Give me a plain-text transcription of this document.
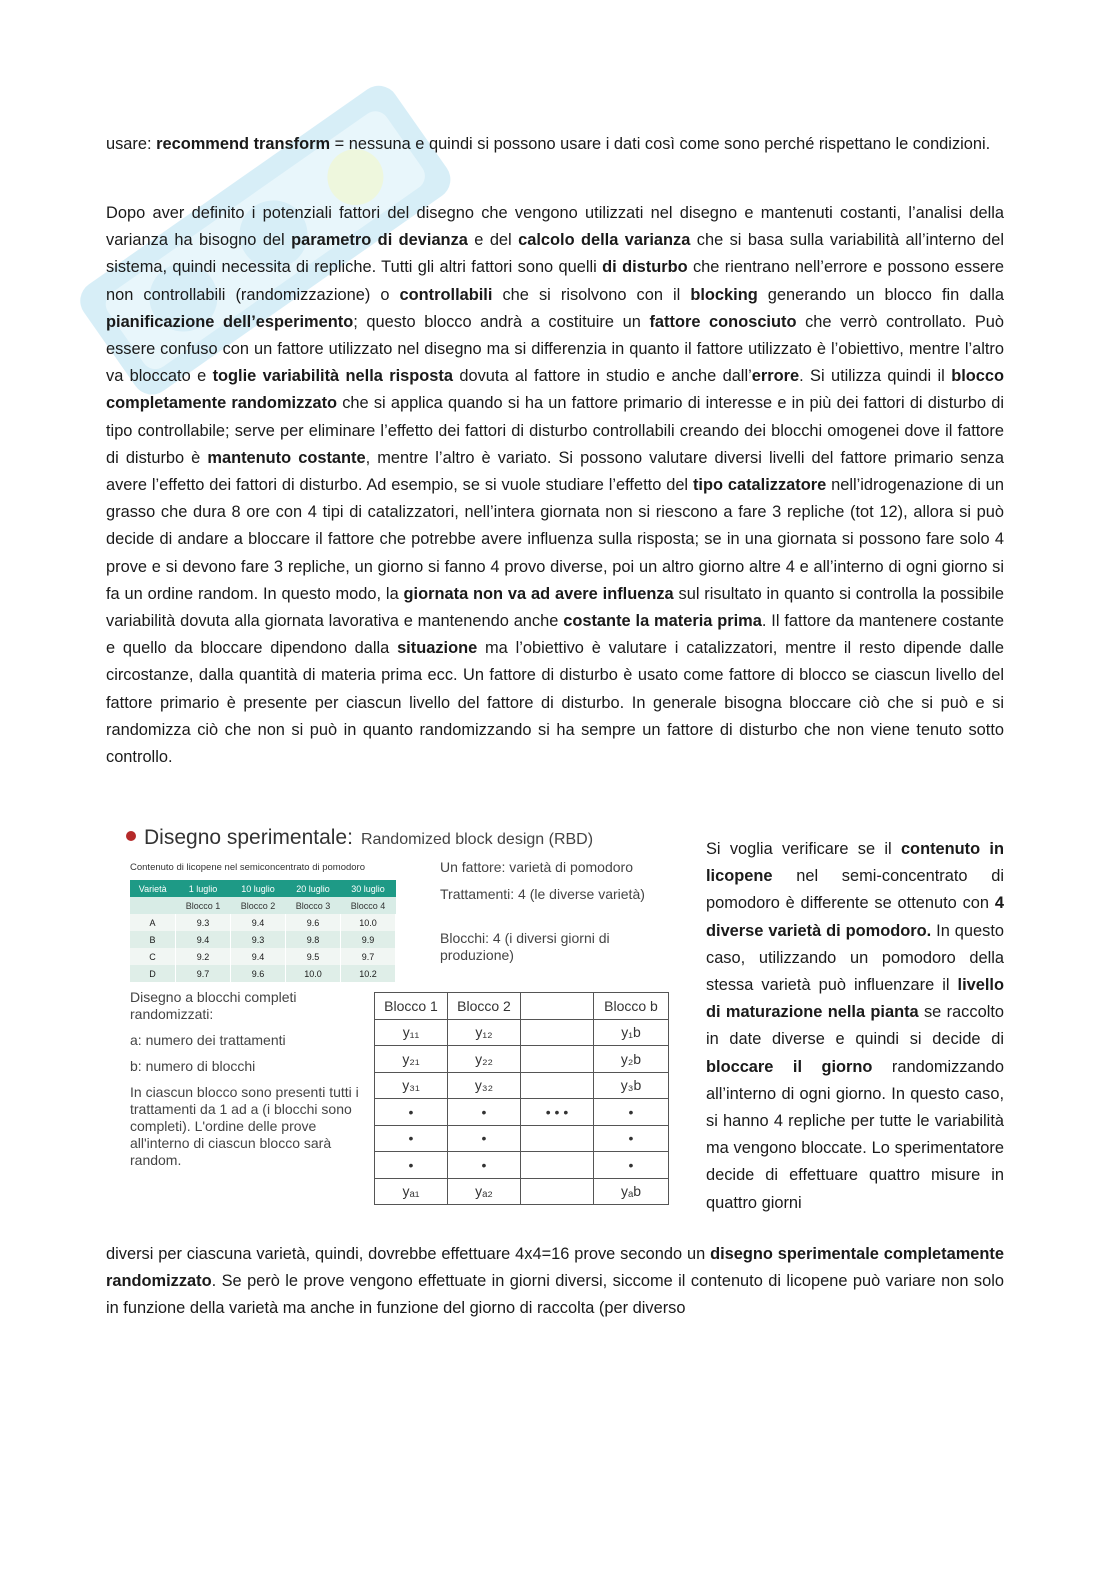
usare: recommend transform = nessuna e quindi si possono usare i dati così come sono perché rispettano le condizioni.

Dopo aver definito i potenziali fattori del disegno che vengono utilizzati nel disegno e mantenuti costanti, l’analisi della varianza ha bisogno del parametro di devianza e del calcolo della varianza che si basa sulla variabilità all’interno del sistema, quindi necessita di repliche. Tutti gli altri fattori sono quelli di disturbo che rientrano nell’errore e possono essere non controllabili (randomizzazione) o controllabili che si risolvono con il blocking generando un blocco fin dalla pianificazione dell’esperimento; questo blocco andrà a costituire un fattore conosciuto che verrò controllato. Può essere confuso con un fattore utilizzato nel disegno ma si differenzia in quanto il fattore utilizzato è l’obiettivo, mentre l’altro va bloccato e toglie variabilità nella risposta dovuta al fattore in studio e anche dall’errore. Si utilizza quindi il blocco completamente randomizzato che si applica quando si ha un fattore primario di interesse e in più dei fattori di disturbo di tipo controllabile; serve per eliminare l’effetto dei fattori di disturbo controllabili creando dei blocchi omogenei dove il fattore di disturbo è mantenuto costante, mentre l’altro è variato. Si possono valutare diversi livelli del fattore primario senza avere l’effetto dei fattori di disturbo. Ad esempio, se si vuole studiare l’effetto del tipo catalizzatore nell’idrogenazione di un grasso che dura 8 ore con 4 tipi di catalizzatori, nell’intera giornata non si riescono a fare 3 repliche (tot 12), allora si può decide di andare a bloccare il fattore che potrebbe avere influenza sulla risposta; se in una giornata si possono fare solo 4 prove e si devono fare 3 repliche, un giorno si fanno 4 provo diverse, poi un altro giorno altre 4 e all’interno di ogni giorno si fa un ordine random. In questo modo, la giornata non va ad avere influenza sul risultato in quanto si controlla la possibile variabilità dovuta alla giornata lavorativa e mantenendo anche costante la materia prima. Il fattore da mantenere costante e quello da bloccare dipendono dalla situazione ma l’obiettivo è valutare i catalizzatori, mentre il resto dipende dalle circostanze, dalla quantità di materia prima ecc. Un fattore di disturbo è usato come fattore di blocco se ciascun livello del fattore primario è presente per ciascun livello del fattore di disturbo. In generale bisogna bloccare ciò che si può e si randomizza ciò che non si può in quanto randomizzando si ha sempre un fattore di disturbo che non viene tenuto sotto controllo.

Disegno sperimentale: Randomized block design (RBD)
Contenuto di licopene nel semiconcentrato di pomodoro
Varietà	1 luglio	10 luglio	20 luglio	30 luglio
	Blocco 1	Blocco 2	Blocco 3	Blocco 4
A	9.3	9.4	9.6	10.0
B	9.4	9.3	9.8	9.9
C	9.2	9.4	9.5	9.7
D	9.7	9.6	10.0	10.2
Un fattore: varietà di pomodoro
Trattamenti: 4 (le diverse varietà)
Blocchi: 4 (i diversi giorni di produzione)
Disegno a blocchi completi randomizzati:
a: numero dei trattamenti
b: numero di blocchi
In ciascun blocco sono presenti tutti i trattamenti da 1 ad a (i blocchi sono completi). L'ordine delle prove all'interno di ciascun blocco sarà random.
Blocco 1	Blocco 2		Blocco b
y₁₁	y₁₂		y₁b
y₂₁	y₂₂		y₂b
y₃₁	y₃₂		y₃b
•	•	• • •	•
•	•		•
•	•		•
yₐ₁	yₐ₂		yₐb

Si voglia verificare se il contenuto in licopene nel semi-concentrato di pomodoro è differente se ottenuto con 4 diverse varietà di pomodoro. In questo caso, utilizzando un pomodoro della stessa varietà può influenzare il livello di maturazione nella pianta se raccolto in date diverse e quindi si decide di bloccare il giorno randomizzando all’interno di ogni giorno. In questo caso, si hanno 4 repliche per tutte le variabilità ma vengono bloccate. Lo sperimentatore decide di effettuare quattro misure in quattro giorni

diversi per ciascuna varietà, quindi, dovrebbe effettuare 4x4=16 prove secondo un disegno sperimentale completamente randomizzato. Se però le prove vengono effettuate in giorni diversi, siccome il contenuto di licopene può variare non solo in funzione della varietà ma anche in funzione del giorno di raccolta (per diverso
